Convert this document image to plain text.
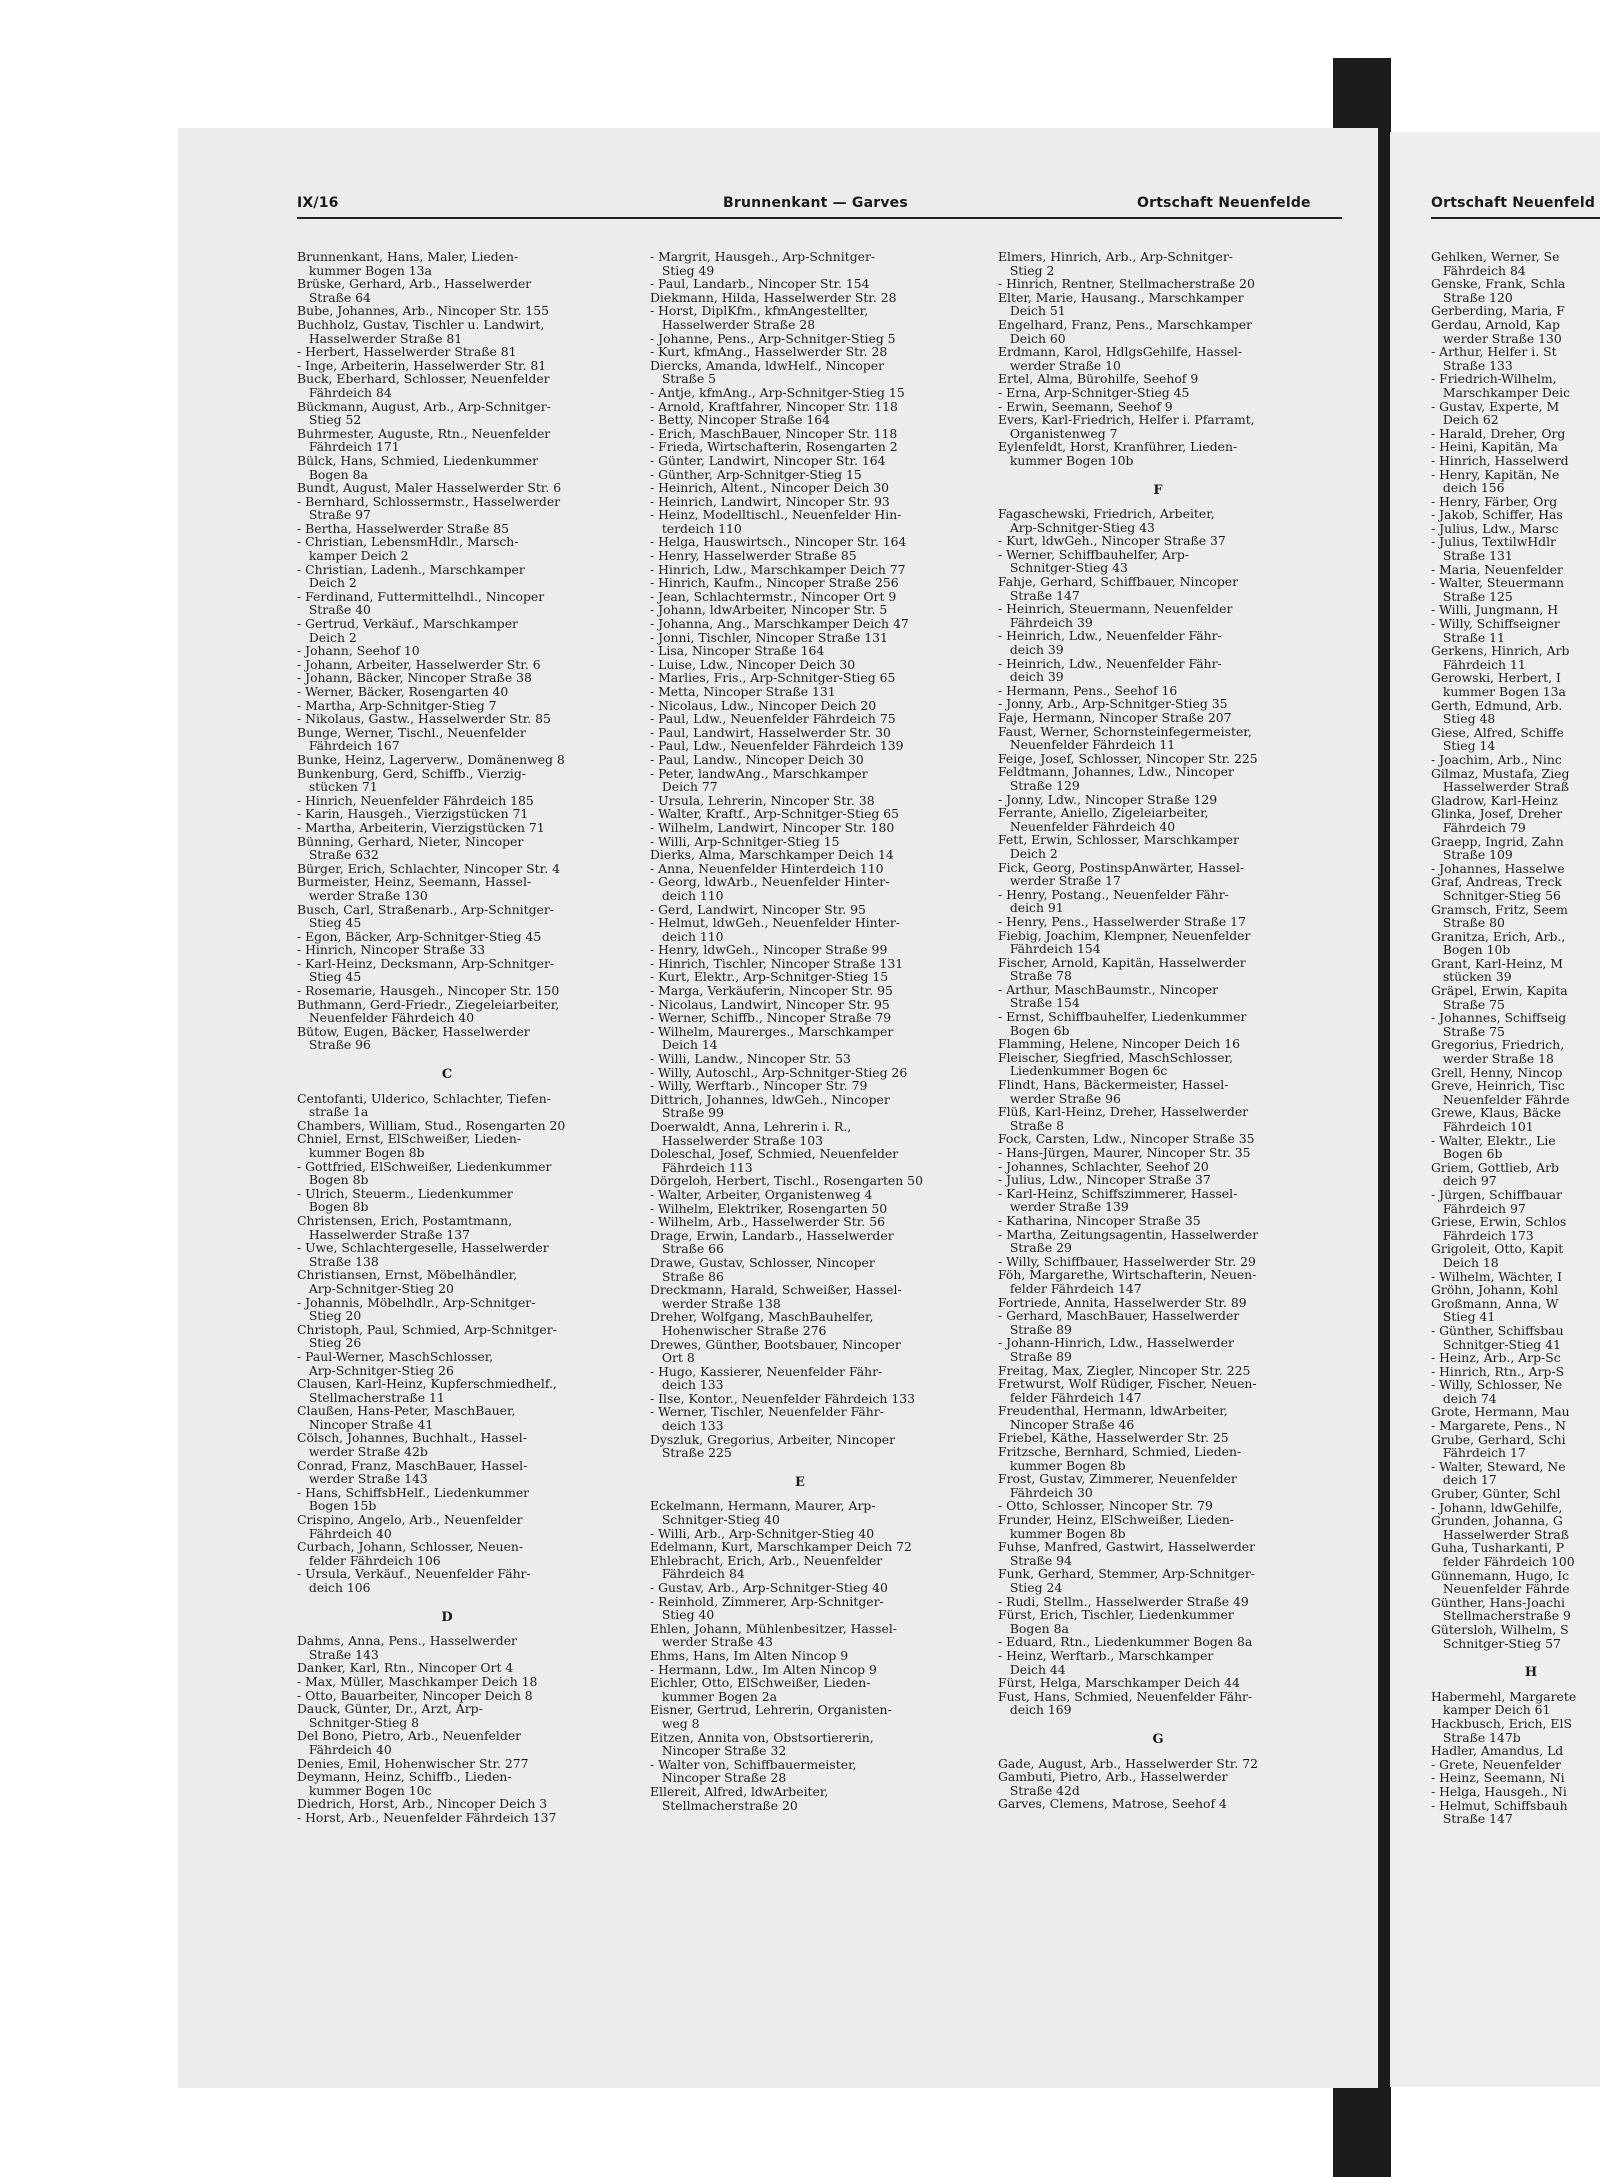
IX/16	Brunnenkant — Garves	Ortschaft Neuenfelde	Ortschaft Neuenfeld
Brunnenkant, Hans, Maler, Lieden-
kummer Bogen 13a
Brüske, Gerhard, Arb., Hasselwerder
Straße 64
Bube, Johannes, Arb., Nincoper Str. 155
Buchholz, Gustav, Tischler u. Landwirt,
Hasselwerder Straße 81
- Herbert, Hasselwerder Straße 81
- Inge, Arbeiterin, Hasselwerder Str. 81
Buck, Eberhard, Schlosser, Neuenfelder
Fährdeich 84
Bückmann, August, Arb., Arp-Schnitger-
Stieg 52
Buhrmester, Auguste, Rtn., Neuenfelder
Fährdeich 171
Bülck, Hans, Schmied, Liedenkummer
Bogen 8a
Bundt, August, Maler Hasselwerder Str. 6
- Bernhard, Schlossermstr., Hasselwerder
Straße 97
- Bertha, Hasselwerder Straße 85
- Christian, LebensmHdlr., Marsch-
kamper Deich 2
- Christian, Ladenh., Marschkamper
Deich 2
- Ferdinand, Futtermittelhdl., Nincoper
Straße 40
- Gertrud, Verkäuf., Marschkamper
Deich 2
- Johann, Seehof 10
- Johann, Arbeiter, Hasselwerder Str. 6
- Johann, Bäcker, Nincoper Straße 38
- Werner, Bäcker, Rosengarten 40
- Martha, Arp-Schnitger-Stieg 7
- Nikolaus, Gastw., Hasselwerder Str. 85
Bunge, Werner, Tischl., Neuenfelder
Fährdeich 167
Bunke, Heinz, Lagerverw., Domänenweg 8
Bunkenburg, Gerd, Schiffb., Vierzig-
stücken 71
- Hinrich, Neuenfelder Fährdeich 185
- Karin, Hausgeh., Vierzigstücken 71
- Martha, Arbeiterin, Vierzigstücken 71
Bünning, Gerhard, Nieter, Nincoper
Straße 632
Bürger, Erich, Schlachter, Nincoper Str. 4
Burmeister, Heinz, Seemann, Hassel-
werder Straße 130
Busch, Carl, Straßenarb., Arp-Schnitger-
Stieg 45
- Egon, Bäcker, Arp-Schnitger-Stieg 45
- Hinrich, Nincoper Straße 33
- Karl-Heinz, Decksmann, Arp-Schnitger-
Stieg 45
- Rosemarie, Hausgeh., Nincoper Str. 150
Buthmann, Gerd-Friedr., Ziegeleiarbeiter,
Neuenfelder Fährdeich 40
Bütow, Eugen, Bäcker, Hasselwerder
Straße 96
C
Centofanti, Ulderico, Schlachter, Tiefen-
straße 1a
Chambers, William, Stud., Rosengarten 20
Chniel, Ernst, ElSchweißer, Lieden-
kummer Bogen 8b
- Gottfried, ElSchweißer, Liedenkummer
Bogen 8b
- Ulrich, Steuerm., Liedenkummer
Bogen 8b
Christensen, Erich, Postamtmann,
Hasselwerder Straße 137
- Uwe, Schlachtergeselle, Hasselwerder
Straße 138
Christiansen, Ernst, Möbelhändler,
Arp-Schnitger-Stieg 20
- Johannis, Möbelhdlr., Arp-Schnitger-
Stieg 20
Christoph, Paul, Schmied, Arp-Schnitger-
Stieg 26
- Paul-Werner, MaschSchlosser,
Arp-Schnitger-Stieg 26
Clausen, Karl-Heinz, Kupferschmiedhelf.,
Stellmacherstraße 11
Claußen, Hans-Peter, MaschBauer,
Nincoper Straße 41
Cölsch, Johannes, Buchhalt., Hassel-
werder Straße 42b
Conrad, Franz, MaschBauer, Hassel-
werder Straße 143
- Hans, SchiffsbHelf., Liedenkummer
Bogen 15b
Crispino, Angelo, Arb., Neuenfelder
Fährdeich 40
Curbach, Johann, Schlosser, Neuen-
felder Fährdeich 106
- Ursula, Verkäuf., Neuenfelder Fähr-
deich 106
D
Dahms, Anna, Pens., Hasselwerder
Straße 143
Danker, Karl, Rtn., Nincoper Ort 4
- Max, Müller, Maschkamper Deich 18
- Otto, Bauarbeiter, Nincoper Deich 8
Dauck, Günter, Dr., Arzt, Arp-
Schnitger-Stieg 8
Del Bono, Pietro, Arb., Neuenfelder
Fährdeich 40
Denies, Emil, Hohenwischer Str. 277
Deymann, Heinz, Schiffb., Lieden-
kummer Bogen 10c
Diedrich, Horst, Arb., Nincoper Deich 3
- Horst, Arb., Neuenfelder Fährdeich 137
- Margrit, Hausgeh., Arp-Schnitger-
Stieg 49
- Paul, Landarb., Nincoper Str. 154
Diekmann, Hilda, Hasselwerder Str. 28
- Horst, DiplKfm., kfmAngestellter,
Hasselwerder Straße 28
- Johanne, Pens., Arp-Schnitger-Stieg 5
- Kurt, kfmAng., Hasselwerder Str. 28
Diercks, Amanda, ldwHelf., Nincoper
Straße 5
- Antje, kfmAng., Arp-Schnitger-Stieg 15
- Arnold, Kraftfahrer, Nincoper Str. 118
- Betty, Nincoper Straße 164
- Erich, MaschBauer, Nincoper Str. 118
- Frieda, Wirtschafterin, Rosengarten 2
- Günter, Landwirt, Nincoper Str. 164
- Günther, Arp-Schnitger-Stieg 15
- Heinrich, Altent., Nincoper Deich 30
- Heinrich, Landwirt, Nincoper Str. 93
- Heinz, Modelltischl., Neuenfelder Hin-
terdeich 110
- Helga, Hauswirtsch., Nincoper Str. 164
- Henry, Hasselwerder Straße 85
- Hinrich, Ldw., Marschkamper Deich 77
- Hinrich, Kaufm., Nincoper Straße 256
- Jean, Schlachtermstr., Nincoper Ort 9
- Johann, ldwArbeiter, Nincoper Str. 5
- Johanna, Ang., Marschkamper Deich 47
- Jonni, Tischler, Nincoper Straße 131
- Lisa, Nincoper Straße 164
- Luise, Ldw., Nincoper Deich 30
- Marlies, Fris., Arp-Schnitger-Stieg 65
- Metta, Nincoper Straße 131
- Nicolaus, Ldw., Nincoper Deich 20
- Paul, Ldw., Neuenfelder Fährdeich 75
- Paul, Landwirt, Hasselwerder Str. 30
- Paul, Ldw., Neuenfelder Fährdeich 139
- Paul, Landw., Nincoper Deich 30
- Peter, landwAng., Marschkamper
Deich 77
- Ursula, Lehrerin, Nincoper Str. 38
- Walter, Kraftf., Arp-Schnitger-Stieg 65
- Wilhelm, Landwirt, Nincoper Str. 180
- Willi, Arp-Schnitger-Stieg 15
Dierks, Alma, Marschkamper Deich 14
- Anna, Neuenfelder Hinterdeich 110
- Georg, ldwArb., Neuenfelder Hinter-
deich 110
- Gerd, Landwirt, Nincoper Str. 95
- Helmut, ldwGeh., Neuenfelder Hinter-
deich 110
- Henry, ldwGeh., Nincoper Straße 99
- Hinrich, Tischler, Nincoper Straße 131
- Kurt, Elektr., Arp-Schnitger-Stieg 15
- Marga, Verkäuferin, Nincoper Str. 95
- Nicolaus, Landwirt, Nincoper Str. 95
- Werner, Schiffb., Nincoper Straße 79
- Wilhelm, Maurerges., Marschkamper
Deich 14
- Willi, Landw., Nincoper Str. 53
- Willy, Autoschl., Arp-Schnitger-Stieg 26
- Willy, Werftarb., Nincoper Str. 79
Dittrich, Johannes, ldwGeh., Nincoper
Straße 99
Doerwaldt, Anna, Lehrerin i. R.,
Hasselwerder Straße 103
Doleschal, Josef, Schmied, Neuenfelder
Fährdeich 113
Dörgeloh, Herbert, Tischl., Rosengarten 50
- Walter, Arbeiter, Organistenweg 4
- Wilhelm, Elektriker, Rosengarten 50
- Wilhelm, Arb., Hasselwerder Str. 56
Drage, Erwin, Landarb., Hasselwerder
Straße 66
Drawe, Gustav, Schlosser, Nincoper
Straße 86
Dreckmann, Harald, Schweißer, Hassel-
werder Straße 138
Dreher, Wolfgang, MaschBauhelfer,
Hohenwischer Straße 276
Drewes, Günther, Bootsbauer, Nincoper
Ort 8
- Hugo, Kassierer, Neuenfelder Fähr-
deich 133
- Ilse, Kontor., Neuenfelder Fährdeich 133
- Werner, Tischler, Neuenfelder Fähr-
deich 133
Dyszluk, Gregorius, Arbeiter, Nincoper
Straße 225
E
Eckelmann, Hermann, Maurer, Arp-
Schnitger-Stieg 40
- Willi, Arb., Arp-Schnitger-Stieg 40
Edelmann, Kurt, Marschkamper Deich 72
Ehlebracht, Erich, Arb., Neuenfelder
Fährdeich 84
- Gustav, Arb., Arp-Schnitger-Stieg 40
- Reinhold, Zimmerer, Arp-Schnitger-
Stieg 40
Ehlen, Johann, Mühlenbesitzer, Hassel-
werder Straße 43
Ehms, Hans, Im Alten Nincop 9
- Hermann, Ldw., Im Alten Nincop 9
Eichler, Otto, ElSchweißer, Lieden-
kummer Bogen 2a
Eisner, Gertrud, Lehrerin, Organisten-
weg 8
Eitzen, Annita von, Obstsortiererin,
Nincoper Straße 32
- Walter von, Schiffbauermeister,
Nincoper Straße 28
Ellereit, Alfred, ldwArbeiter,
Stellmacherstraße 20
Elmers, Hinrich, Arb., Arp-Schnitger-
Stieg 2
- Hinrich, Rentner, Stellmacherstraße 20
Elter, Marie, Hausang., Marschkamper
Deich 51
Engelhard, Franz, Pens., Marschkamper
Deich 60
Erdmann, Karol, HdlgsGehilfe, Hassel-
werder Straße 10
Ertel, Alma, Bürohilfe, Seehof 9
- Erna, Arp-Schnitger-Stieg 45
- Erwin, Seemann, Seehof 9
Evers, Karl-Friedrich, Helfer i. Pfarramt,
Organistenweg 7
Eylenfeldt, Horst, Kranführer, Lieden-
kummer Bogen 10b
F
Fagaschewski, Friedrich, Arbeiter,
Arp-Schnitger-Stieg 43
- Kurt, ldwGeh., Nincoper Straße 37
- Werner, Schiffbauhelfer, Arp-
Schnitger-Stieg 43
Fahje, Gerhard, Schiffbauer, Nincoper
Straße 147
- Heinrich, Steuermann, Neuenfelder
Fährdeich 39
- Heinrich, Ldw., Neuenfelder Fähr-
deich 39
- Heinrich, Ldw., Neuenfelder Fähr-
deich 39
- Hermann, Pens., Seehof 16
- Jonny, Arb., Arp-Schnitger-Stieg 35
Faje, Hermann, Nincoper Straße 207
Faust, Werner, Schornsteinfegermeister,
Neuenfelder Fährdeich 11
Feige, Josef, Schlosser, Nincoper Str. 225
Feldtmann, Johannes, Ldw., Nincoper
Straße 129
- Jonny, Ldw., Nincoper Straße 129
Ferrante, Aniello, Zigeleiarbeiter,
Neuenfelder Fährdeich 40
Fett, Erwin, Schlosser, Marschkamper
Deich 2
Fick, Georg, PostinspAnwärter, Hassel-
werder Straße 17
- Henry, Postang., Neuenfelder Fähr-
deich 91
- Henry, Pens., Hasselwerder Straße 17
Fiebig, Joachim, Klempner, Neuenfelder
Fährdeich 154
Fischer, Arnold, Kapitän, Hasselwerder
Straße 78
- Arthur, MaschBaumstr., Nincoper
Straße 154
- Ernst, Schiffbauhelfer, Liedenkummer
Bogen 6b
Flamming, Helene, Nincoper Deich 16
Fleischer, Siegfried, MaschSchlosser,
Liedenkummer Bogen 6c
Flindt, Hans, Bäckermeister, Hassel-
werder Straße 96
Flüß, Karl-Heinz, Dreher, Hasselwerder
Straße 8
Fock, Carsten, Ldw., Nincoper Straße 35
- Hans-Jürgen, Maurer, Nincoper Str. 35
- Johannes, Schlachter, Seehof 20
- Julius, Ldw., Nincoper Straße 37
- Karl-Heinz, Schiffszimmerer, Hassel-
werder Straße 139
- Katharina, Nincoper Straße 35
- Martha, Zeitungsagentin, Hasselwerder
Straße 29
- Willy, Schiffbauer, Hasselwerder Str. 29
Föh, Margarethe, Wirtschafterin, Neuen-
felder Fährdeich 147
Fortriede, Annita, Hasselwerder Str. 89
- Gerhard, MaschBauer, Hasselwerder
Straße 89
- Johann-Hinrich, Ldw., Hasselwerder
Straße 89
Freitag, Max, Ziegler, Nincoper Str. 225
Fretwurst, Wolf Rüdiger, Fischer, Neuen-
felder Fährdeich 147
Freudenthal, Hermann, ldwArbeiter,
Nincoper Straße 46
Friebel, Käthe, Hasselwerder Str. 25
Fritzsche, Bernhard, Schmied, Lieden-
kummer Bogen 8b
Frost, Gustav, Zimmerer, Neuenfelder
Fährdeich 30
- Otto, Schlosser, Nincoper Str. 79
Frunder, Heinz, ElSchweißer, Lieden-
kummer Bogen 8b
Fuhse, Manfred, Gastwirt, Hasselwerder
Straße 94
Funk, Gerhard, Stemmer, Arp-Schnitger-
Stieg 24
- Rudi, Stellm., Hasselwerder Straße 49
Fürst, Erich, Tischler, Liedenkummer
Bogen 8a
- Eduard, Rtn., Liedenkummer Bogen 8a
- Heinz, Werftarb., Marschkamper
Deich 44
Fürst, Helga, Marschkamper Deich 44
Fust, Hans, Schmied, Neuenfelder Fähr-
deich 169
G
Gade, August, Arb., Hasselwerder Str. 72
Gambuti, Pietro, Arb., Hasselwerder
Straße 42d
Garves, Clemens, Matrose, Seehof 4
Gehlken, Werner, Se
Fährdeich 84
Genske, Frank, Schla
Straße 120
Gerberding, Maria, F
Gerdau, Arnold, Kap
werder Straße 130
- Arthur, Helfer i. St
Straße 133
- Friedrich-Wilhelm,
Marschkamper Deic
- Gustav, Experte, M
Deich 62
- Harald, Dreher, Org
- Heini, Kapitän, Ma
- Hinrich, Hasselwerd
- Henry, Kapitän, Ne
deich 156
- Henry, Färber, Org
- Jakob, Schiffer, Has
- Julius, Ldw., Marsc
- Julius, TextilwHdlr
Straße 131
- Maria, Neuenfelder
- Walter, Steuermann
Straße 125
- Willi, Jungmann, H
- Willy, Schiffseigner
Straße 11
Gerkens, Hinrich, Arb
Fährdeich 11
Gerowski, Herbert, I
kummer Bogen 13a
Gerth, Edmund, Arb.
Stieg 48
Giese, Alfred, Schiffe
Stieg 14
- Joachim, Arb., Ninc
Gilmaz, Mustafa, Zieg
Hasselwerder Straß
Gladrow, Karl-Heinz
Glinka, Josef, Dreher
Fährdeich 79
Graepp, Ingrid, Zahn
Straße 109
- Johannes, Hasselwe
Graf, Andreas, Treck
Schnitger-Stieg 56
Gramsch, Fritz, Seem
Straße 80
Granitza, Erich, Arb.,
Bogen 10b
Grant, Karl-Heinz, M
stücken 39
Gräpel, Erwin, Kapita
Straße 75
- Johannes, Schiffseig
Straße 75
Gregorius, Friedrich,
werder Straße 18
Grell, Henny, Nincop
Greve, Heinrich, Tisc
Neuenfelder Fährde
Grewe, Klaus, Bäcke
Fährdeich 101
- Walter, Elektr., Lie
Bogen 6b
Griem, Gottlieb, Arb
deich 97
- Jürgen, Schiffbauar
Fährdeich 97
Griese, Erwin, Schlos
Fährdeich 173
Grigoleit, Otto, Kapit
Deich 18
- Wilhelm, Wächter, I
Gröhn, Johann, Kohl
Großmann, Anna, W
Stieg 41
- Günther, Schiffsbau
Schnitger-Stieg 41
- Heinz, Arb., Arp-Sc
- Hinrich, Rtn., Arp-S
- Willy, Schlosser, Ne
deich 74
Grote, Hermann, Mau
- Margarete, Pens., N
Grube, Gerhard, Schi
Fährdeich 17
- Walter, Steward, Ne
deich 17
Gruber, Günter, Schl
- Johann, ldwGehilfe,
Grunden, Johanna, G
Hasselwerder Straß
Guha, Tusharkanti, P
felder Fährdeich 100
Günnemann, Hugo, Ic
Neuenfelder Fährde
Günther, Hans-Joachi
Stellmacherstraße 9
Gütersloh, Wilhelm, S
Schnitger-Stieg 57
H
Habermehl, Margarete
kamper Deich 61
Hackbusch, Erich, ElS
Straße 147b
Hadler, Amandus, Ld
- Grete, Neuenfelder
- Heinz, Seemann, Ni
- Helga, Hausgeh., Ni
- Helmut, Schiffsbauh
Straße 147
